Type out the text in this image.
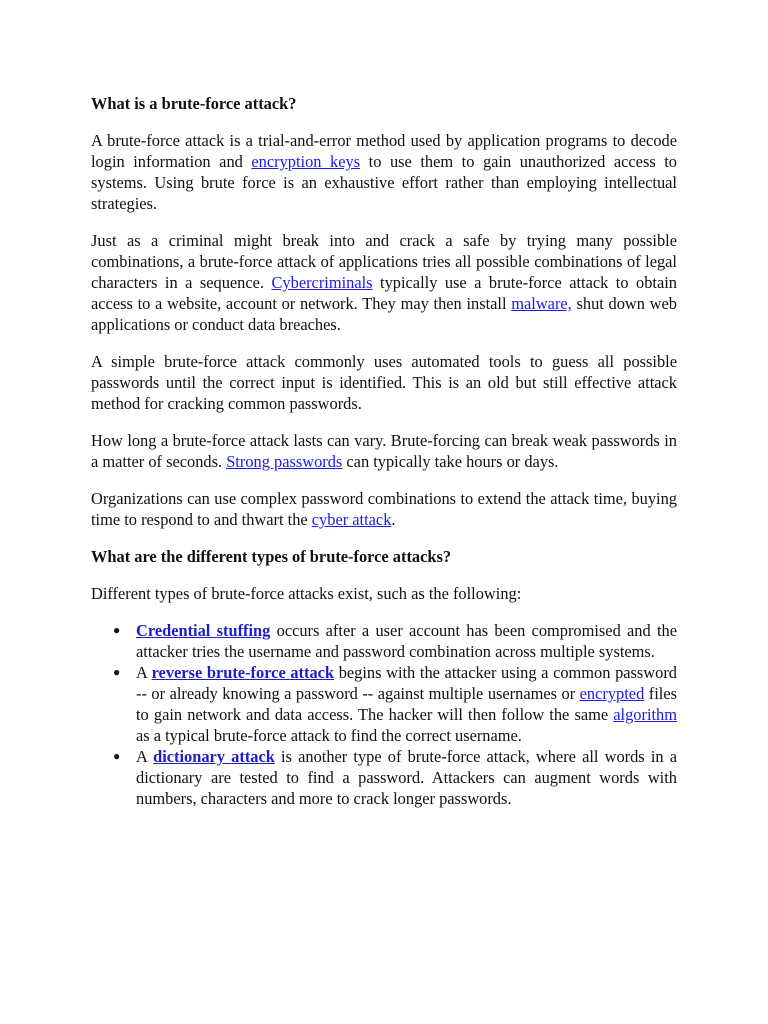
What is a brute-force attack?
A brute-force attack is a trial-and-error method used by application programs to decode login information and encryption keys to use them to gain unauthorized access to systems. Using brute force is an exhaustive effort rather than employing intellectual strategies.
Just as a criminal might break into and crack a safe by trying many possible combinations, a brute-force attack of applications tries all possible combinations of legal characters in a sequence. Cybercriminals typically use a brute-force attack to obtain access to a website, account or network. They may then install malware, shut down web applications or conduct data breaches.
A simple brute-force attack commonly uses automated tools to guess all possible passwords until the correct input is identified. This is an old but still effective attack method for cracking common passwords.
How long a brute-force attack lasts can vary. Brute-forcing can break weak passwords in a matter of seconds. Strong passwords can typically take hours or days.
Organizations can use complex password combinations to extend the attack time, buying time to respond to and thwart the cyber attack.
What are the different types of brute-force attacks?
Different types of brute-force attacks exist, such as the following:
● Credential stuffing occurs after a user account has been compromised and the attacker tries the username and password combination across multiple systems.
● A reverse brute-force attack begins with the attacker using a common password -- or already knowing a password -- against multiple usernames or encrypted files to gain network and data access. The hacker will then follow the same algorithm as a typical brute-force attack to find the correct username.
● A dictionary attack is another type of brute-force attack, where all words in a dictionary are tested to find a password. Attackers can augment words with numbers, characters and more to crack longer passwords.
